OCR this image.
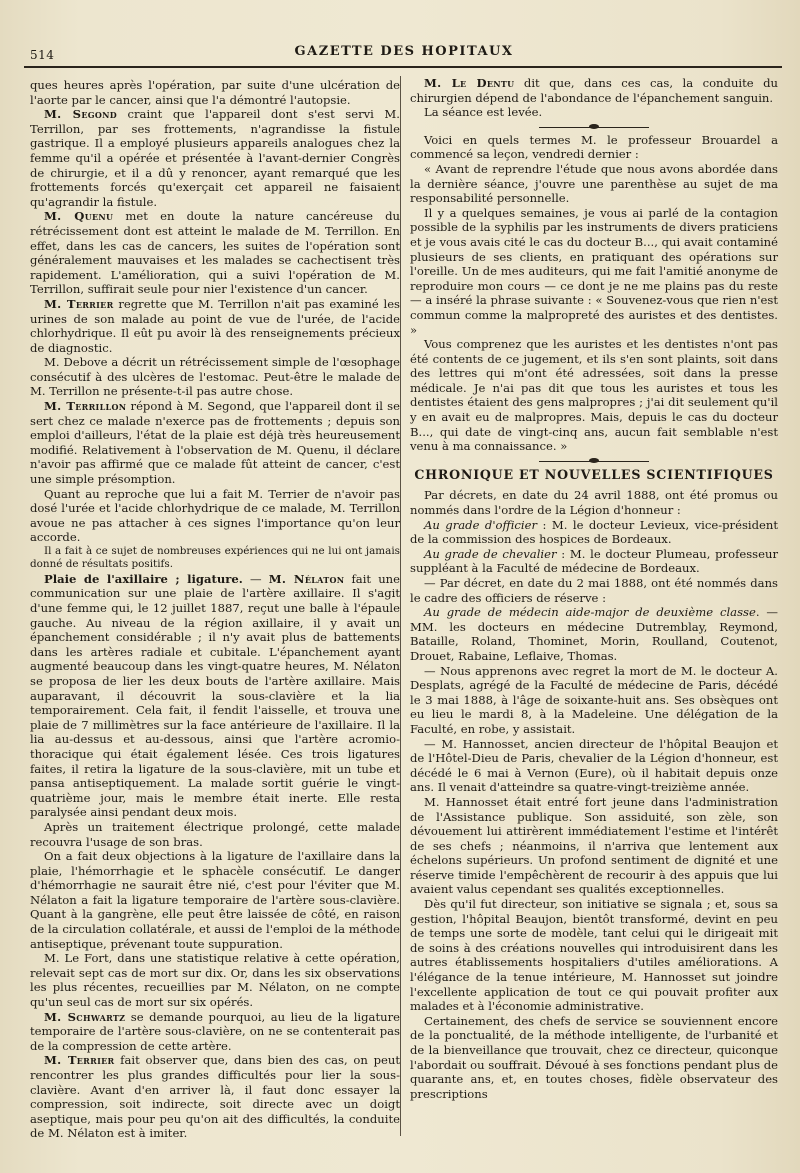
514	GAZETTE DES HOPITAUX

ques heures après l'opération, par suite d'une ulcération de l'aorte par le cancer, ainsi que l'a démontré l'autopsie.

M. Segond craint que l'appareil dont s'est servi M. Terrillon, par ses frottements, n'agrandisse la fistule gastrique. Il a employé plusieurs appareils analogues chez la femme qu'il a opérée et présentée à l'avant-dernier Congrès de chirurgie, et il a dû y renoncer, ayant remarqué que les frottements forcés qu'exerçait cet appareil ne faisaient qu'agrandir la fistule.

M. Quenu met en doute la nature cancéreuse du rétrécissement dont est atteint le malade de M. Terrillon. En effet, dans les cas de cancers, les suites de l'opération sont généralement mauvaises et les malades se cachectisent très rapidement. L'amélioration, qui a suivi l'opération de M. Terrillon, suffirait seule pour nier l'existence d'un cancer.

M. Terrier regrette que M. Terrillon n'ait pas examiné les urines de son malade au point de vue de l'urée, de l'acide chlorhydrique. Il eût pu avoir là des renseignements précieux de diagnostic.

M. Debove a décrit un rétrécissement simple de l'œsophage consécutif à des ulcères de l'estomac. Peut-être le malade de M. Terrillon ne présente-t-il pas autre chose.

M. Terrillon répond à M. Segond, que l'appareil dont il se sert chez ce malade n'exerce pas de frottements ; depuis son emploi d'ailleurs, l'état de la plaie est déjà très heureusement modifié. Relativement à l'observation de M. Quenu, il déclare n'avoir pas affirmé que ce malade fût atteint de cancer, c'est une simple présomption.

Quant au reproche que lui a fait M. Terrier de n'avoir pas dosé l'urée et l'acide chlorhydrique de ce malade, M. Terrillon avoue ne pas attacher à ces signes l'importance qu'on leur accorde.

Il a fait à ce sujet de nombreuses expériences qui ne lui ont jamais donné de résultats positifs.

Plaie de l'axillaire ; ligature. — M. Nélaton fait une communication sur une plaie de l'artère axillaire. Il s'agit d'une femme qui, le 12 juillet 1887, reçut une balle à l'épaule gauche. Au niveau de la région axillaire, il y avait un épanchement considérable ; il n'y avait plus de battements dans les artères radiale et cubitale. L'épanchement ayant augmenté beaucoup dans les vingt-quatre heures, M. Nélaton se proposa de lier les deux bouts de l'artère axillaire. Mais auparavant, il découvrit la sous-clavière et la lia temporairement. Cela fait, il fendit l'aisselle, et trouva une plaie de 7 millimètres sur la face antérieure de l'axillaire. Il la lia au-dessus et au-dessous, ainsi que l'artère acromio-thoracique qui était également lésée. Ces trois ligatures faites, il retira la ligature de la sous-clavière, mit un tube et pansa antiseptiquement. La malade sortit guérie le vingt-quatrième jour, mais le membre était inerte. Elle resta paralysée ainsi pendant deux mois.

Après un traitement électrique prolongé, cette malade recouvra l'usage de son bras.

On a fait deux objections à la ligature de l'axillaire dans la plaie, l'hémorrhagie et le sphacèle consécutif. Le danger d'hémorrhagie ne saurait être nié, c'est pour l'éviter que M. Nélaton a fait la ligature temporaire de l'artère sous-clavière. Quant à la gangrène, elle peut être laissée de côté, en raison de la circulation collatérale, et aussi de l'emploi de la méthode antiseptique, prévenant toute suppuration.

M. Le Fort, dans une statistique relative à cette opération, relevait sept cas de mort sur dix. Or, dans les six observations les plus récentes, recueillies par M. Nélaton, on ne compte qu'un seul cas de mort sur six opérés.

M. Schwartz se demande pourquoi, au lieu de la ligature temporaire de l'artère sous-clavière, on ne se contenterait pas de la compression de cette artère.

M. Terrier fait observer que, dans bien des cas, on peut rencontrer les plus grandes difficultés pour lier la sous-clavière. Avant d'en arriver là, il faut donc essayer la compression, soit indirecte, soit directe avec un doigt aseptique, mais pour peu qu'on ait des difficultés, la conduite de M. Nélaton est à imiter.

M. Le Dentu dit que, dans ces cas, la conduite du chirurgien dépend de l'abondance de l'épanchement sanguin.

La séance est levée.

Voici en quels termes M. le professeur Brouardel a commencé sa leçon, vendredi dernier :

« Avant de reprendre l'étude que nous avons abordée dans la dernière séance, j'ouvre une parenthèse au sujet de ma responsabilité personnelle.

Il y a quelques semaines, je vous ai parlé de la contagion possible de la syphilis par les instruments de divers praticiens et je vous avais cité le cas du docteur B..., qui avait contaminé plusieurs de ses clients, en pratiquant des opérations sur l'oreille. Un de mes auditeurs, qui me fait l'amitié anonyme de reproduire mon cours — ce dont je ne me plains pas du reste — a inséré la phrase suivante : « Souvenez-vous que rien n'est commun comme la malpropreté des auristes et des dentistes. »

Vous comprenez que les auristes et les dentistes n'ont pas été contents de ce jugement, et ils s'en sont plaints, soit dans des lettres qui m'ont été adressées, soit dans la presse médicale. Je n'ai pas dit que tous les auristes et tous les dentistes étaient des gens malpropres ; j'ai dit seulement qu'il y en avait eu de malpropres. Mais, depuis le cas du docteur B..., qui date de vingt-cinq ans, aucun fait semblable n'est venu à ma connaissance. »

CHRONIQUE ET NOUVELLES SCIENTIFIQUES

Par décrets, en date du 24 avril 1888, ont été promus ou nommés dans l'ordre de la Légion d'honneur :

Au grade d'officier : M. le docteur Levieux, vice-président de la commission des hospices de Bordeaux.

Au grade de chevalier : M. le docteur Plumeau, professeur suppléant à la Faculté de médecine de Bordeaux.

— Par décret, en date du 2 mai 1888, ont été nommés dans le cadre des officiers de réserve :

Au grade de médecin aide-major de deuxième classe. — MM. les docteurs en médecine Dutremblay, Reymond, Bataille, Roland, Thominet, Morin, Roulland, Coutenot, Drouet, Rabaine, Leflaive, Thomas.

— Nous apprenons avec regret la mort de M. le docteur A. Desplats, agrégé de la Faculté de médecine de Paris, décédé le 3 mai 1888, à l'âge de soixante-huit ans. Ses obsèques ont eu lieu le mardi 8, à la Madeleine. Une délégation de la Faculté, en robe, y assistait.

— M. Hannosset, ancien directeur de l'hôpital Beaujon et de l'Hôtel-Dieu de Paris, chevalier de la Légion d'honneur, est décédé le 6 mai à Vernon (Eure), où il habitait depuis onze ans. Il venait d'atteindre sa quatre-vingt-treizième année.

M. Hannosset était entré fort jeune dans l'administration de l'Assistance publique. Son assiduité, son zèle, son dévouement lui attirèrent immédiatement l'estime et l'intérêt de ses chefs ; néanmoins, il n'arriva que lentement aux échelons supérieurs. Un profond sentiment de dignité et une réserve timide l'empêchèrent de recourir à des appuis que lui avaient valus cependant ses qualités exceptionnelles.

Dès qu'il fut directeur, son initiative se signala ; et, sous sa gestion, l'hôpital Beaujon, bientôt transformé, devint en peu de temps une sorte de modèle, tant celui qui le dirigeait mit de soins à des créations nouvelles qui introduisirent dans les autres établissements hospitaliers d'utiles améliorations. A l'élégance de la tenue intérieure, M. Hannosset sut joindre l'excellente application de tout ce qui pouvait profiter aux malades et à l'économie administrative.

Certainement, des chefs de service se souviennent encore de la ponctualité, de la méthode intelligente, de l'urbanité et de la bienveillance que trouvait, chez ce directeur, quiconque l'abordait ou souffrait. Dévoué à ses fonctions pendant plus de quarante ans, et, en toutes choses, fidèle observateur des prescriptions
